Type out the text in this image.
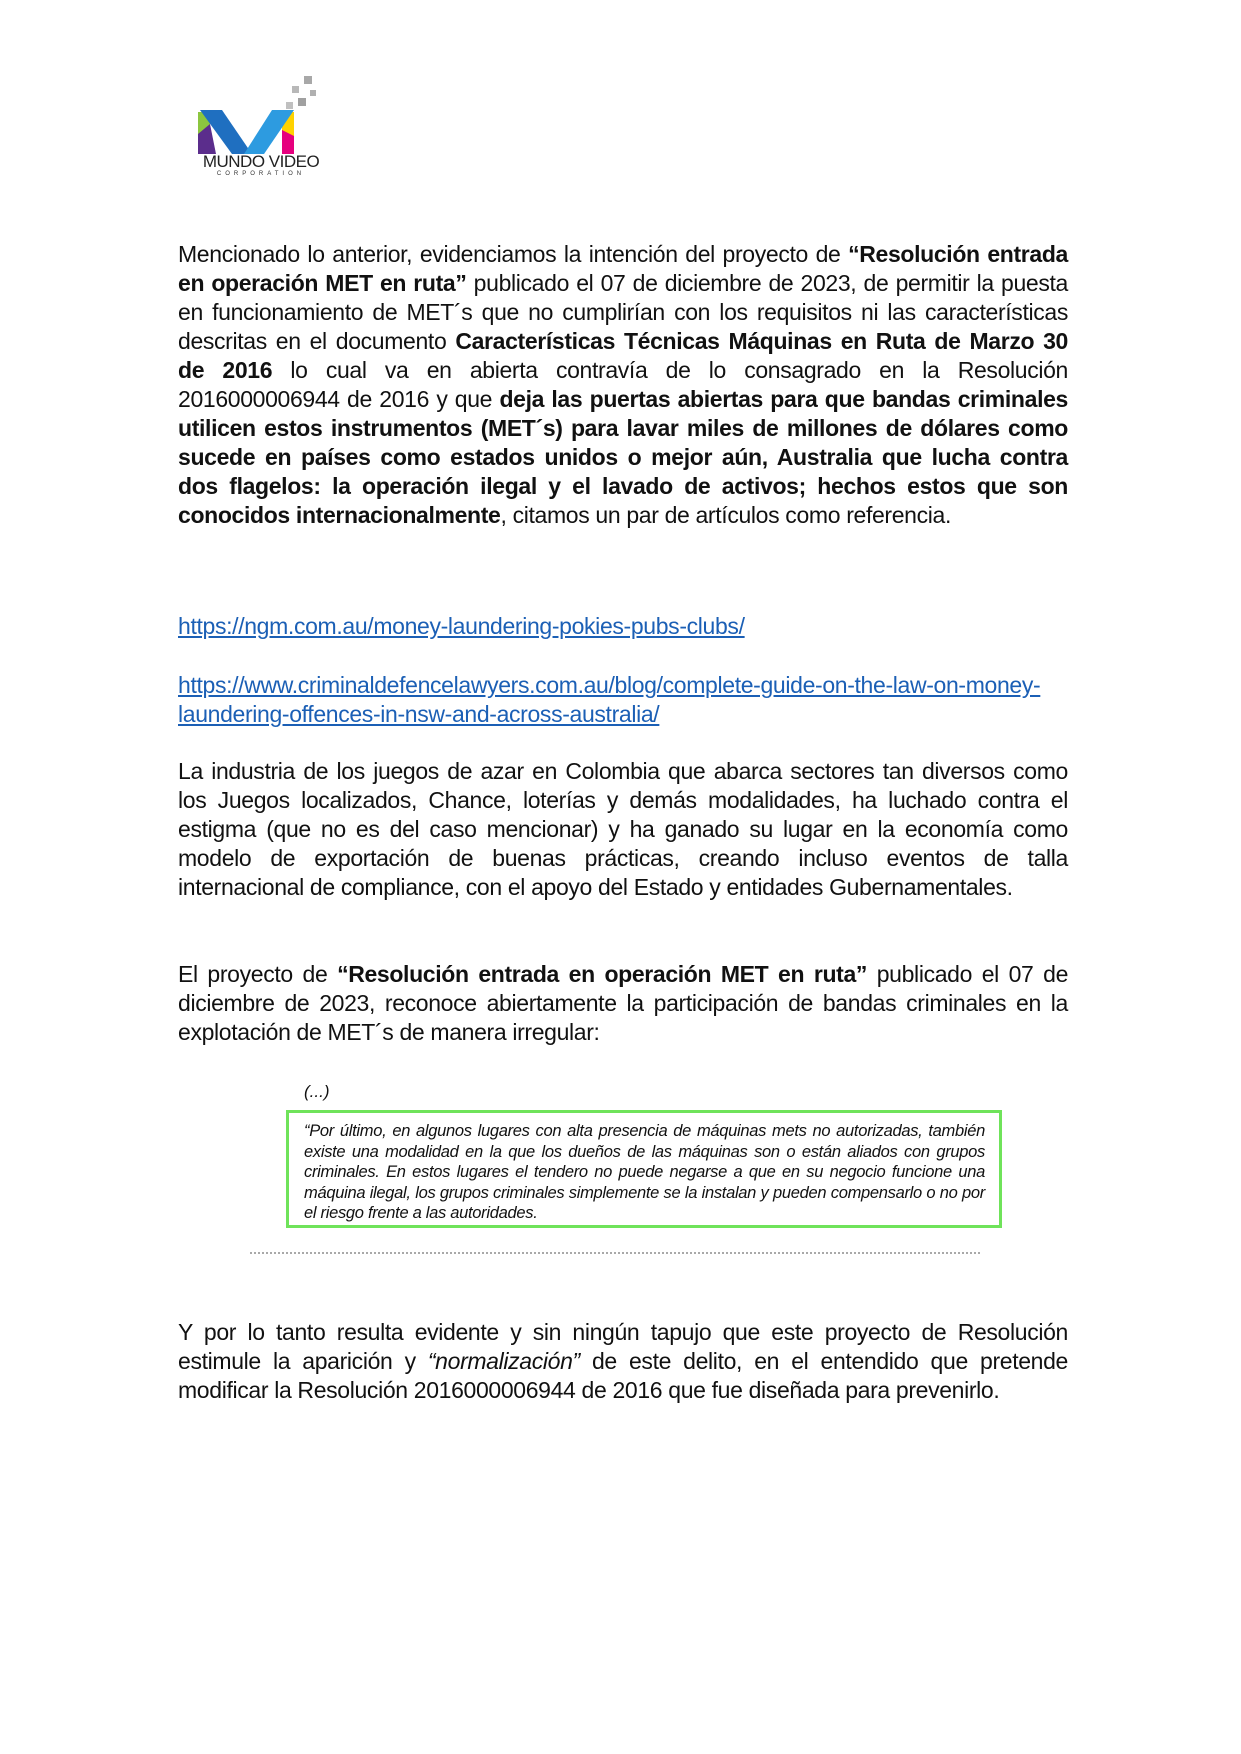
MUNDO VIDEO
CORPORATION

Mencionado lo anterior, evidenciamos la intención del proyecto de “Resolución entrada en operación MET en ruta” publicado el 07 de diciembre de 2023, de permitir la puesta en funcionamiento de MET´s que no cumplirían con los requisitos ni las características descritas en el documento Características Técnicas Máquinas en Ruta de Marzo 30 de 2016 lo cual va en abierta contravía de lo consagrado en la Resolución 2016000006944 de 2016 y que deja las puertas abiertas para que bandas criminales utilicen estos instrumentos (MET´s) para lavar miles de millones de dólares como sucede en países como estados unidos o mejor aún, Australia que lucha contra dos flagelos: la operación ilegal y el lavado de activos; hechos estos que son conocidos internacionalmente, citamos un par de artículos como referencia.

https://ngm.com.au/money-laundering-pokies-pubs-clubs/
https://www.criminaldefencelawyers.com.au/blog/complete-guide-on-the-law-on-money-laundering-offences-in-nsw-and-across-australia/

La industria de los juegos de azar en Colombia que abarca sectores tan diversos como los Juegos localizados, Chance, loterías y demás modalidades, ha luchado contra el estigma (que no es del caso mencionar) y ha ganado su lugar en la economía como modelo de exportación de buenas prácticas, creando incluso eventos de talla internacional de compliance, con el apoyo del Estado y entidades Gubernamentales.

El proyecto de “Resolución entrada en operación MET en ruta” publicado el 07 de diciembre de 2023, reconoce abiertamente la participación de bandas criminales en la explotación de MET´s de manera irregular:

(...)
“Por último, en algunos lugares con alta presencia de máquinas mets no autorizadas, también existe una modalidad en la que los dueños de las máquinas son o están aliados con grupos criminales. En estos lugares el tendero no puede negarse a que en su negocio funcione una máquina ilegal, los grupos criminales simplemente se la instalan y pueden compensarlo o no por el riesgo frente a las autoridades.

Y por lo tanto resulta evidente y sin ningún tapujo que este proyecto de Resolución estimule la aparición y “normalización” de este delito, en el entendido que pretende modificar la Resolución 2016000006944 de 2016 que fue diseñada para prevenirlo.
